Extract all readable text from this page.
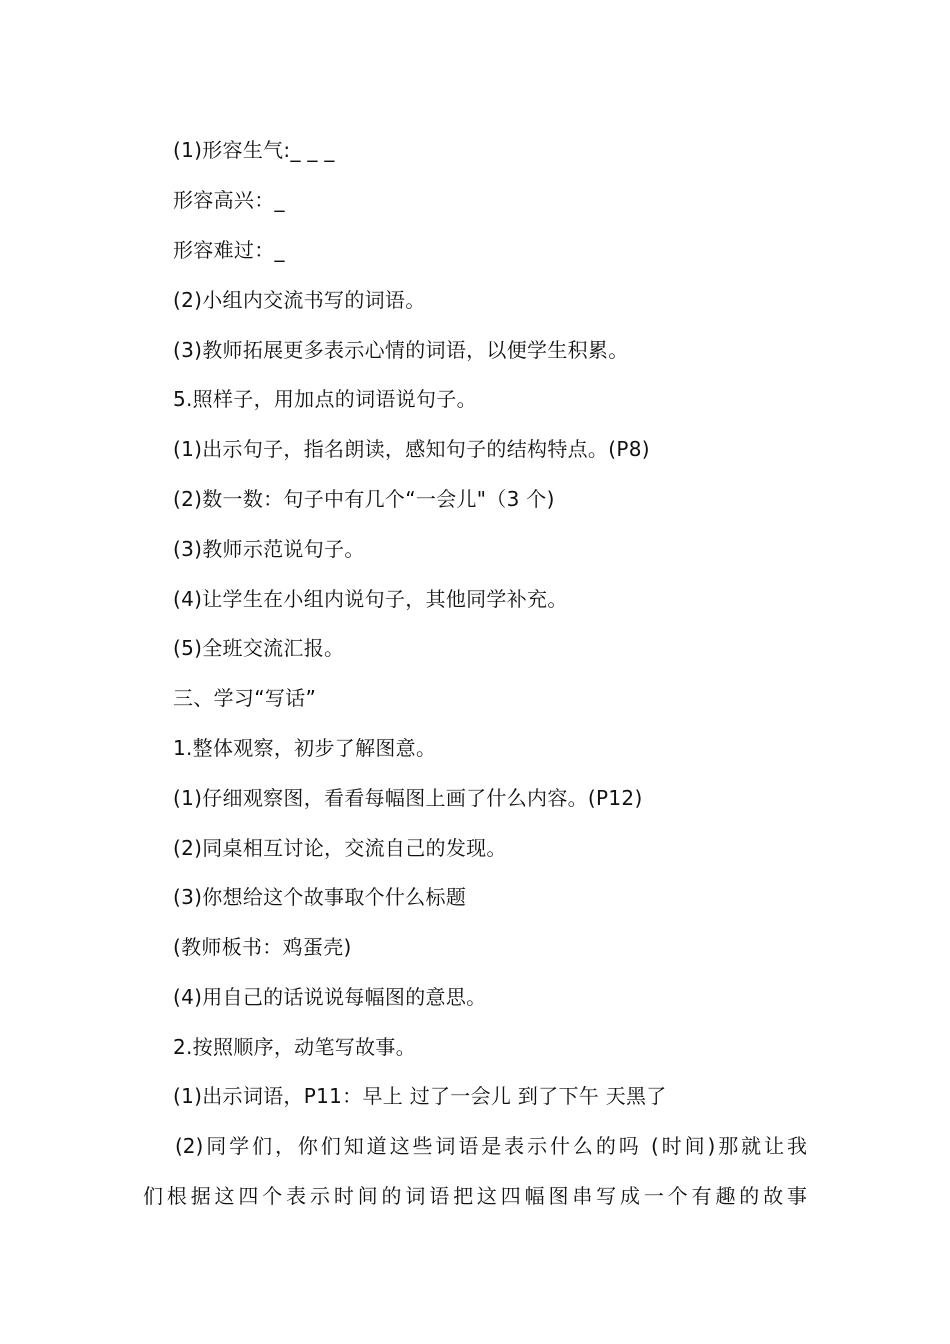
(1)形容生气:_ _ _
形容高兴：_
形容难过：_
(2)小组内交流书写的词语。
(3)教师拓展更多表示心情的词语，以便学生积累。
5.照样子，用加点的词语说句子。
(1)出示句子，指名朗读，感知句子的结构特点。(P8)
(2)数一数：句子中有几个“一会儿"（3 个)
(3)教师示范说句子。
(4)让学生在小组内说句子，其他同学补充。
(5)全班交流汇报。
三、学习“写话”
1.整体观察，初步了解图意。
(1)仔细观察图，看看每幅图上画了什么内容。(P12)
(2)同桌相互讨论，交流自己的发现。
(3)你想给这个故事取个什么标题
(教师板书：鸡蛋壳)
(4)用自己的话说说每幅图的意思。
2.按照顺序，动笔写故事。
(1)出示词语，P11：早上 过了一会儿 到了下午 天黑了
(2)同学们，你们知道这些词语是表示什么的吗 (时间)那就让我
们根据这四个表示时间的词语把这四幅图串写成一个有趣的故事
